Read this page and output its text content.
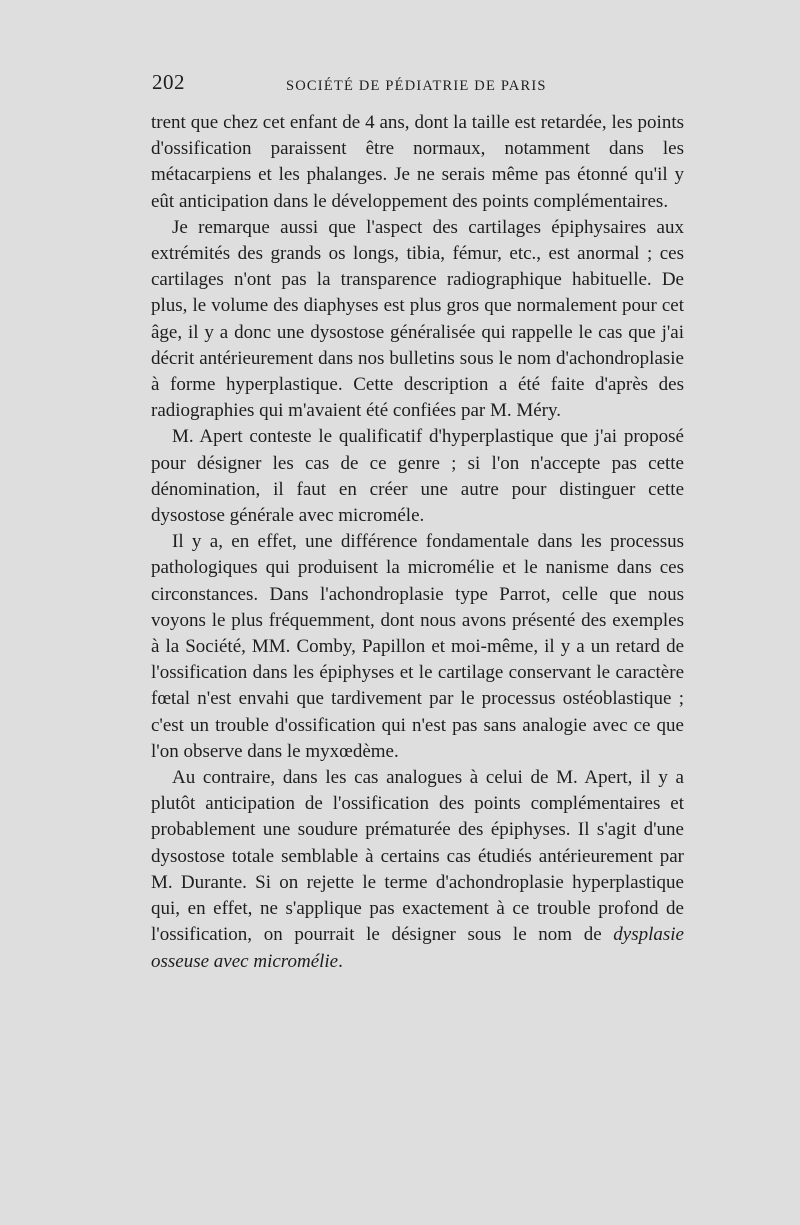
202	SOCIÉTÉ DE PÉDIATRIE DE PARIS

trent que chez cet enfant de 4 ans, dont la taille est retardée, les points d'ossification paraissent être normaux, notamment dans les métacarpiens et les phalanges. Je ne serais même pas étonné qu'il y eût anticipation dans le développement des points complémentaires.

Je remarque aussi que l'aspect des cartilages épiphysaires aux extrémités des grands os longs, tibia, fémur, etc., est anormal ; ces cartilages n'ont pas la transparence radiographique habituelle. De plus, le volume des diaphyses est plus gros que normalement pour cet âge, il y a donc une dysostose généralisée qui rappelle le cas que j'ai décrit antérieurement dans nos bulletins sous le nom d'achondroplasie à forme hyperplastique. Cette description a été faite d'après des radiographies qui m'avaient été confiées par M. Méry.

M. Apert conteste le qualificatif d'hyperplastique que j'ai proposé pour désigner les cas de ce genre ; si l'on n'accepte pas cette dénomination, il faut en créer une autre pour distinguer cette dysostose générale avec microméle.

Il y a, en effet, une différence fondamentale dans les processus pathologiques qui produisent la micromélie et le nanisme dans ces circonstances. Dans l'achondroplasie type Parrot, celle que nous voyons le plus fréquemment, dont nous avons présenté des exemples à la Société, MM. Comby, Papillon et moi-même, il y a un retard de l'ossification dans les épiphyses et le cartilage conservant le caractère fœtal n'est envahi que tardivement par le processus ostéoblastique ; c'est un trouble d'ossification qui n'est pas sans analogie avec ce que l'on observe dans le myxœdème.

Au contraire, dans les cas analogues à celui de M. Apert, il y a plutôt anticipation de l'ossification des points complémentaires et probablement une soudure prématurée des épiphyses. Il s'agit d'une dysostose totale semblable à certains cas étudiés antérieurement par M. Durante. Si on rejette le terme d'achondroplasie hyperplastique qui, en effet, ne s'applique pas exactement à ce trouble profond de l'ossification, on pourrait le désigner sous le nom de dysplasie osseuse avec micromélie.
